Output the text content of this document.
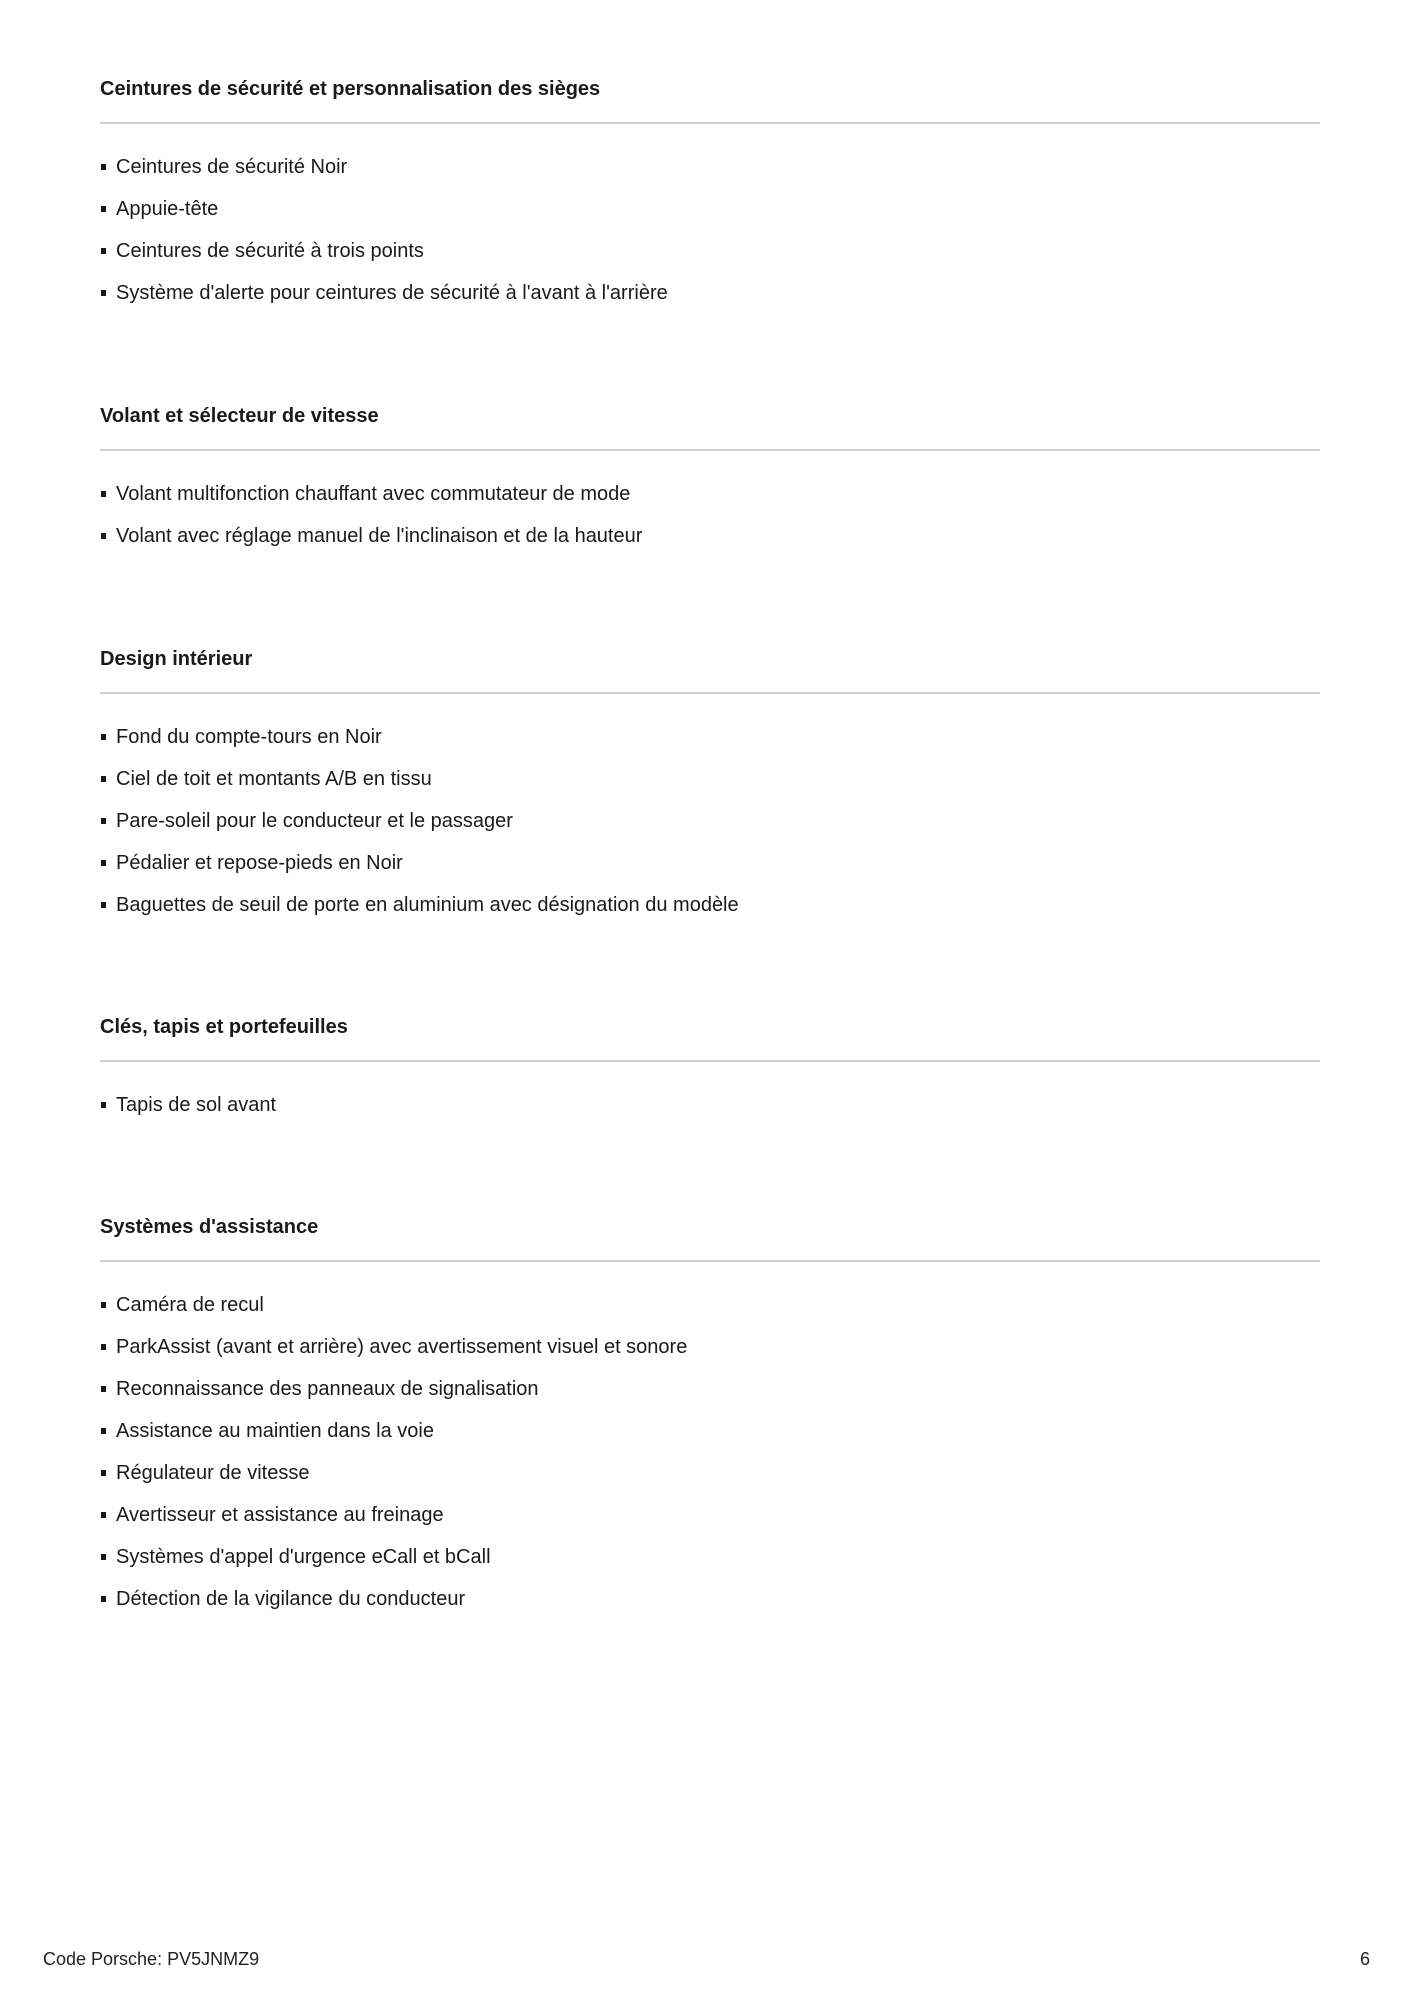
Ceintures de sécurité et personnalisation des sièges
Ceintures de sécurité Noir
Appuie-tête
Ceintures de sécurité à trois points
Système d'alerte pour ceintures de sécurité à l'avant à l'arrière
Volant et sélecteur de vitesse
Volant multifonction chauffant avec commutateur de mode
Volant avec réglage manuel de l'inclinaison et de la hauteur
Design intérieur
Fond du compte-tours en Noir
Ciel de toit et montants A/B en tissu
Pare-soleil pour le conducteur et le passager
Pédalier et repose-pieds en Noir
Baguettes de seuil de porte en aluminium avec désignation du modèle
Clés, tapis et portefeuilles
Tapis de sol avant
Systèmes d'assistance
Caméra de recul
ParkAssist (avant et arrière) avec avertissement visuel et sonore
Reconnaissance des panneaux de signalisation
Assistance au maintien dans la voie
Régulateur de vitesse
Avertisseur et assistance au freinage
Systèmes d'appel d'urgence eCall et bCall
Détection de la vigilance du conducteur
Code Porsche: PV5JNMZ9	6
